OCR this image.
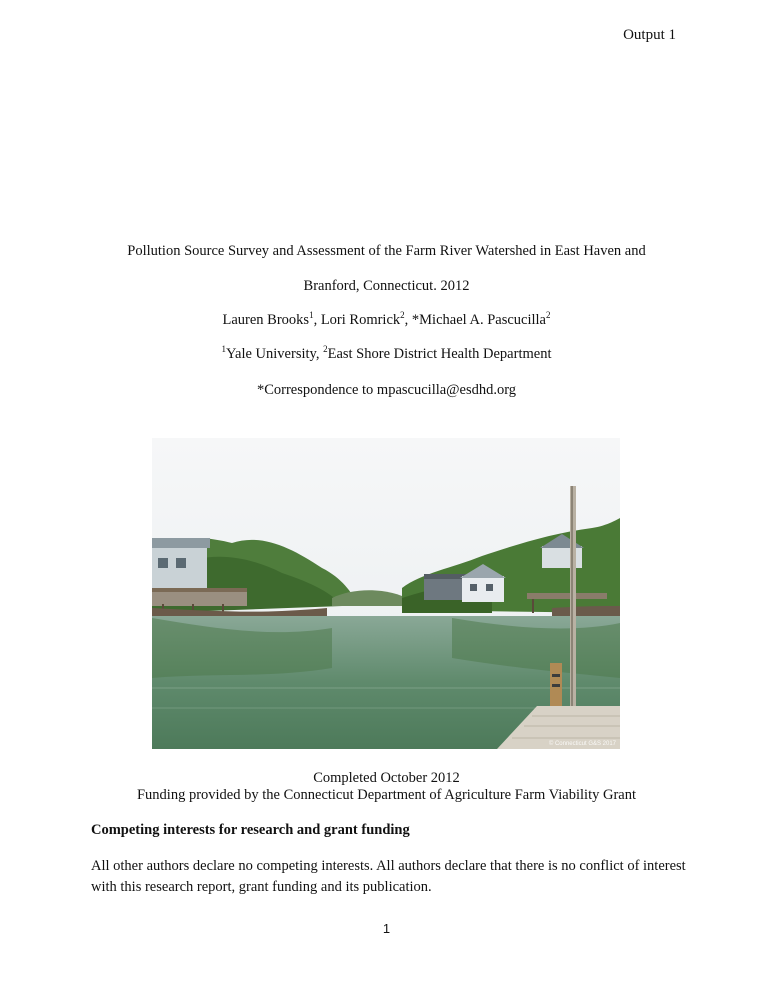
Output 1
Pollution Source Survey and Assessment of the Farm River Watershed in East Haven and
Branford, Connecticut. 2012
Lauren Brooks$^1$, Lori Romrick$^2$, *Michael A. Pascucilla$^2$
$^1$Yale University, $^2$East Shore District Health Department
*Correspondence to mpascucilla@esdhd.org
© Connecticut G&S 2017
Completed October 2012
Funding provided by the Connecticut Department of Agriculture Farm Viability Grant
Competing interests for research and grant funding
All other authors declare no competing interests. All authors declare that there is no conflict of interest with this research report, grant funding and its publication.
1
